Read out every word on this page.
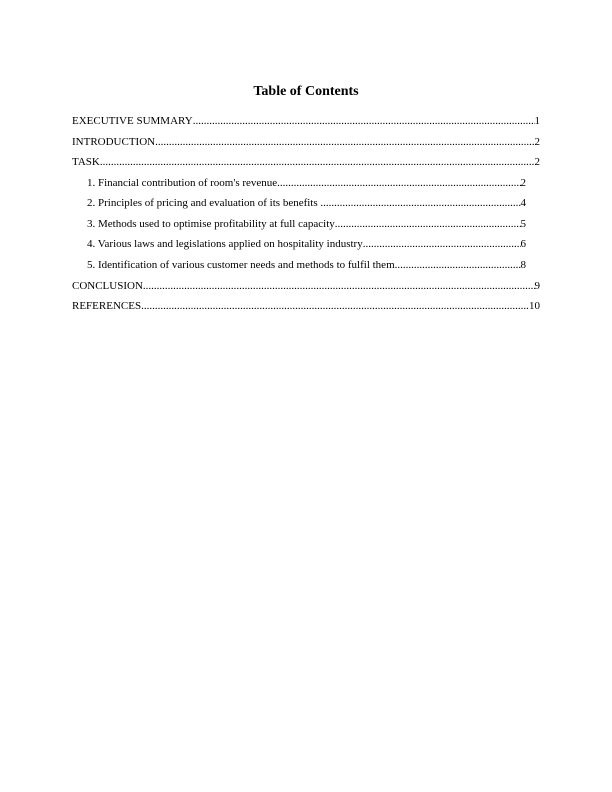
Table of Contents
EXECUTIVE SUMMARY .....	1
INTRODUCTION .....	2
TASK .....	2
1. Financial contribution of room's revenue .....	2
2. Principles of pricing and evaluation of its benefits .....	4
3. Methods used to optimise profitability at full capacity .....	5
4. Various laws and legislations applied on hospitality industry .....	6
5. Identification of various customer needs and methods to fulfil them .....	8
CONCLUSION .....	9
REFERENCES .....	10
